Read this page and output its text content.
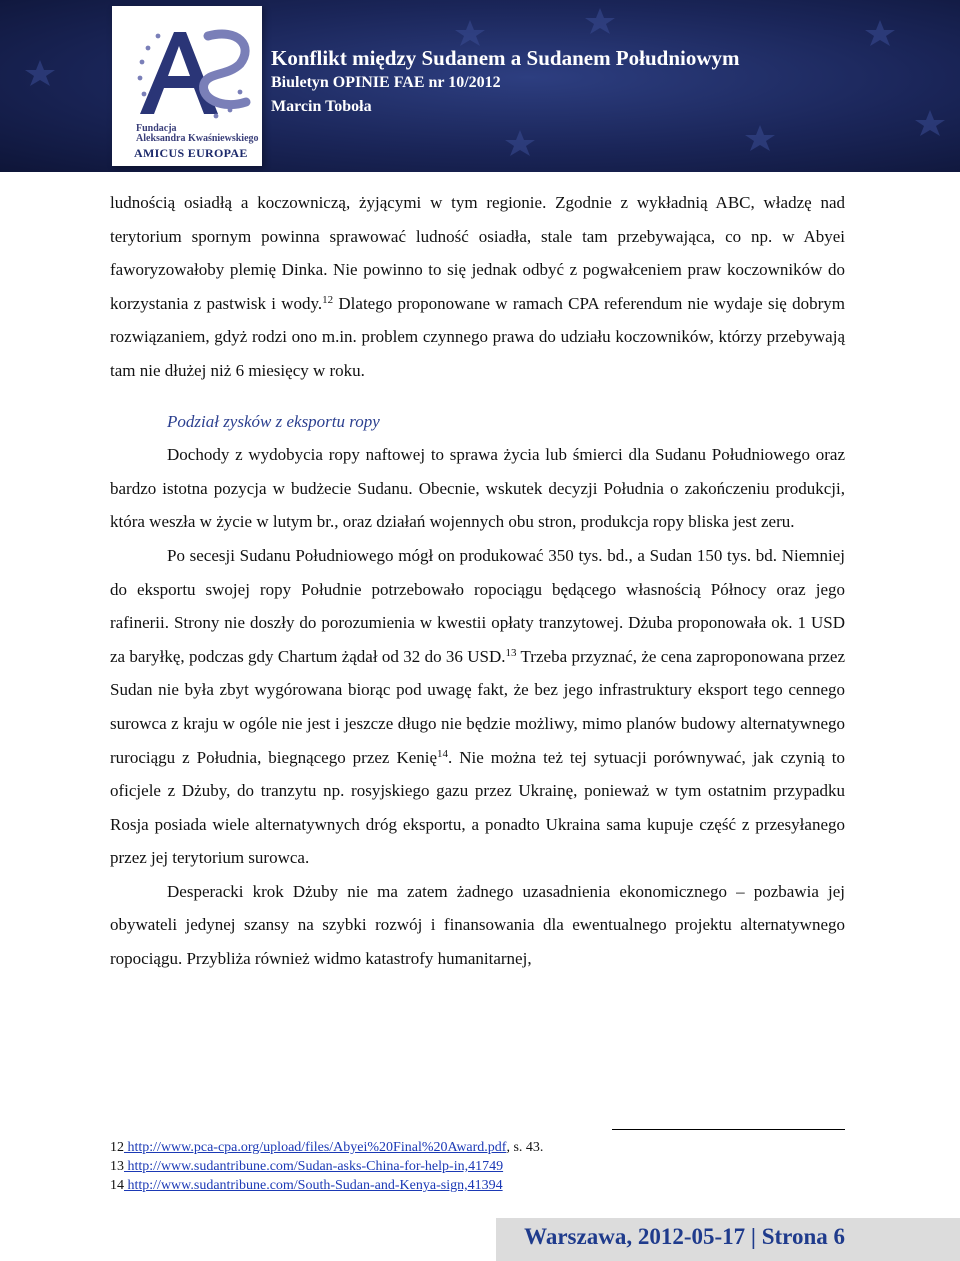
Fundacja
Aleksandra Kwaśniewskiego
AMICUS EUROPAE
Konflikt między Sudanem a Sudanem Południowym
Biuletyn OPINIE FAE nr 10/2012
Marcin Toboła

ludnością osiadłą a koczowniczą, żyjącymi w tym regionie. Zgodnie z wykładnią ABC, władzę nad terytorium spornym powinna sprawować ludność osiadła, stale tam przebywająca, co np. w Abyei faworyzowałoby plemię Dinka. Nie powinno to się jednak odbyć z pogwałceniem praw koczowników do korzystania z pastwisk i wody.$^{12}$ Dlatego proponowane w ramach CPA referendum nie wydaje się dobrym rozwiązaniem, gdyż rodzi ono m.in. problem czynnego prawa do udziału koczowników, którzy przebywają tam nie dłużej niż 6 miesięcy w roku.

Podział zysków z eksportu ropy

Dochody z wydobycia ropy naftowej to sprawa życia lub śmierci dla Sudanu Południowego oraz bardzo istotna pozycja w budżecie Sudanu. Obecnie, wskutek decyzji Południa o zakończeniu produkcji, która weszła w życie w lutym br., oraz działań wojennych obu stron, produkcja ropy bliska jest zeru.

Po secesji Sudanu Południowego mógł on produkować 350 tys. bd., a Sudan 150 tys. bd. Niemniej do eksportu swojej ropy Południe potrzebowało ropociągu będącego własnością Północy oraz jego rafinerii. Strony nie doszły do porozumienia w kwestii opłaty tranzytowej. Dżuba proponowała ok. 1 USD za baryłkę, podczas gdy Chartum żądał od 32 do 36 USD.$^{13}$ Trzeba przyznać, że cena zaproponowana przez Sudan nie była zbyt wygórowana biorąc pod uwagę fakt, że bez jego infrastruktury eksport tego cennego surowca z kraju w ogóle nie jest i jeszcze długo nie będzie możliwy, mimo planów budowy alternatywnego rurociągu z Południa, biegnącego przez Kenię$^{14}$. Nie można też tej sytuacji porównywać, jak czynią to oficjele z Dżuby, do tranzytu np. rosyjskiego gazu przez Ukrainę, ponieważ w tym ostatnim przypadku Rosja posiada wiele alternatywnych dróg eksportu, a ponadto Ukraina sama kupuje część z przesyłanego przez jej terytorium surowca.

Desperacki krok Dżuby nie ma zatem żadnego uzasadnienia ekonomicznego – pozbawia jej obywateli jedynej szansy na szybki rozwój i finansowania dla ewentualnego projektu alternatywnego ropociągu. Przybliża również widmo katastrofy humanitarnej,

12 http://www.pca-cpa.org/upload/files/Abyei%20Final%20Award.pdf, s. 43.
13 http://www.sudantribune.com/Sudan-asks-China-for-help-in,41749
14 http://www.sudantribune.com/South-Sudan-and-Kenya-sign,41394
Warszawa, 2012-05-17 | Strona 6
